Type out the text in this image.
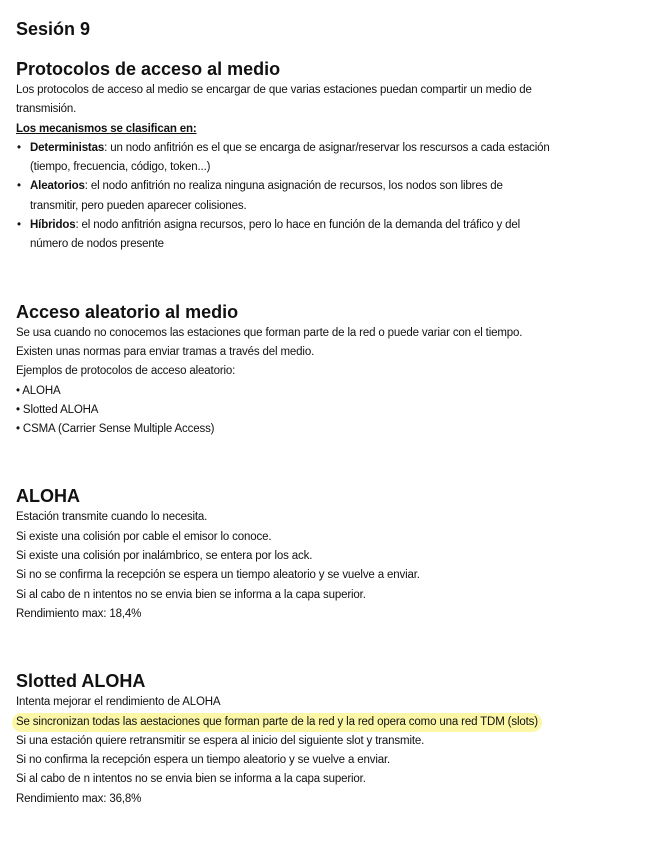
Sesión 9
Protocolos de acceso al medio

Los protocolos de acceso al medio se encargar de que varias estaciones puedan compartir un medio de

transmisión.

Los mecanismos se clasifican en:

• Deterministas: un nodo anfitrión es el que se encarga de asignar/reservar los rescursos a cada estación
(tiempo, frecuencia, código, token...)
• Aleatorios: el nodo anfitrión no realiza ninguna asignación de recursos, los nodos son libres de
transmitir, pero pueden aparecer colisiones.
• Híbridos: el nodo anfitrión asigna recursos, pero lo hace en función de la demanda del tráfico y del
número de nodos presente
Acceso aleatorio al medio

Se usa cuando no conocemos las estaciones que forman parte de la red o puede variar con el tiempo.

Existen unas normas para enviar tramas a través del medio.

Ejemplos de protocolos de acceso aleatorio:

• ALOHA

• Slotted ALOHA

• CSMA (Carrier Sense Multiple Access)

ALOHA

Estación transmite cuando lo necesita.

Si existe una colisión por cable el emisor lo conoce.

Si existe una colisión por inalámbrico, se entera por los ack.

Si no se confirma la recepción se espera un tiempo aleatorio y se vuelve a enviar.

Si al cabo de n intentos no se envia bien se informa a la capa superior.

Rendimiento max: 18,4%

Slotted ALOHA

Intenta mejorar el rendimiento de ALOHA

Se sincronizan todas las aestaciones que forman parte de la red y la red opera como una red TDM (slots)

Si una estación quiere retransmitir se espera al inicio del siguiente slot y transmite.

Si no confirma la recepción espera un tiempo aleatorio y se vuelve a enviar.

Si al cabo de n intentos no se envia bien se informa a la capa superior.

Rendimiento max: 36,8%
